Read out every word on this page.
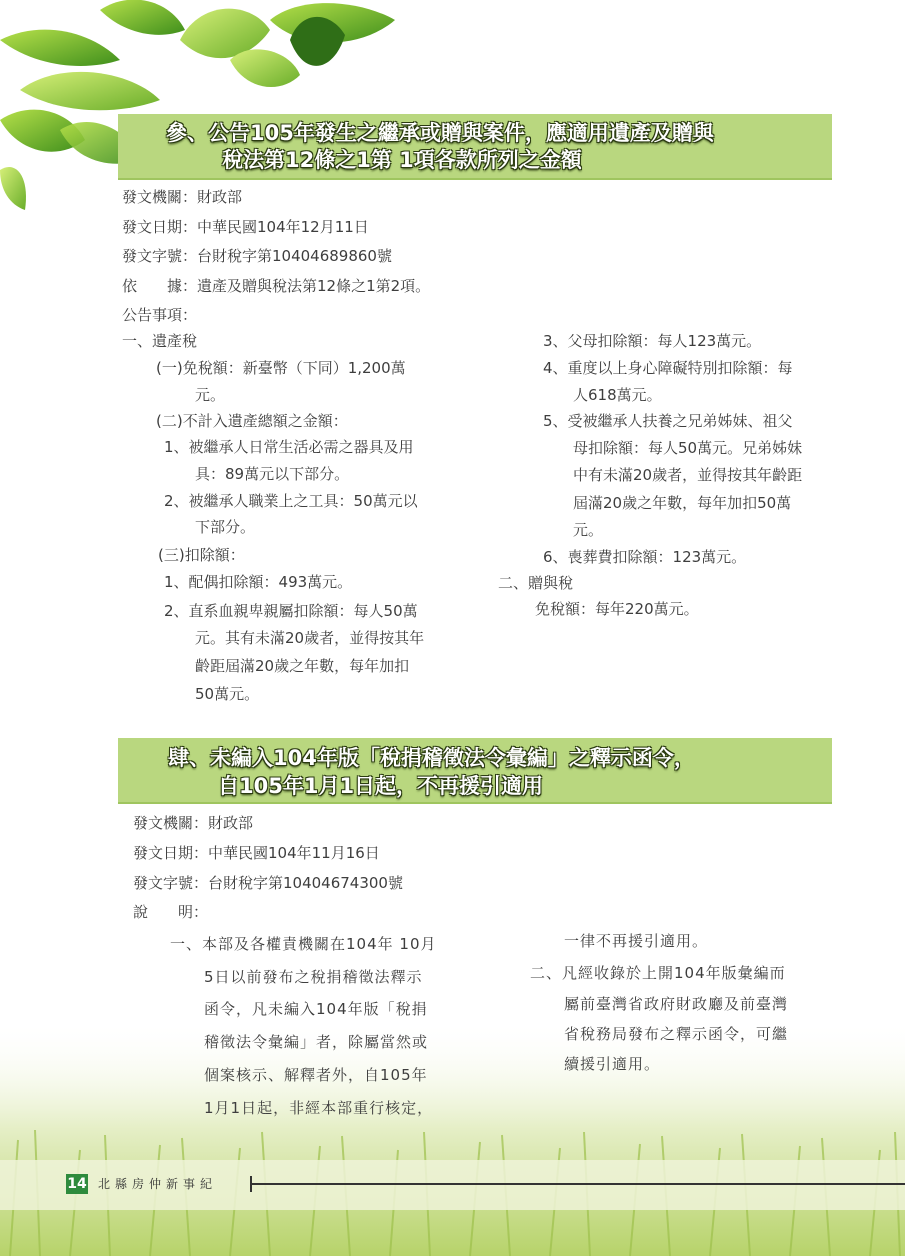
參、公告105年發生之繼承或贈與案件，應適用遺產及贈與
稅法第12條之1第 1項各款所列之金額
發文機關：財政部
發文日期：中華民國104年12月11日
發文字號：台財稅字第10404689860號
依　　據：遺產及贈與稅法第12條之1第2項。
公告事項：
一、遺產稅
(一)免稅額：新臺幣（下同）1,200萬
元。
(二)不計入遺產總額之金額：
1、被繼承人日常生活必需之器具及用
具：89萬元以下部分。
2、被繼承人職業上之工具：50萬元以
下部分。
(三)扣除額：
1、配偶扣除額：493萬元。
2、直系血親卑親屬扣除額：每人50萬
元。其有未滿20歲者，並得按其年
齡距屆滿20歲之年數，每年加扣
50萬元。
3、父母扣除額：每人123萬元。
4、重度以上身心障礙特別扣除額：每
人618萬元。
5、受被繼承人扶養之兄弟姊妹、祖父
母扣除額：每人50萬元。兄弟姊妹
中有未滿20歲者，並得按其年齡距
屆滿20歲之年數，每年加扣50萬
元。
6、喪葬費扣除額：123萬元。
二、贈與稅
免稅額：每年220萬元。
肆、未編入104年版「稅捐稽徵法令彙編」之釋示函令，
自105年1月1日起，不再援引適用
發文機關：財政部
發文日期：中華民國104年11月16日
發文字號：台財稅字第10404674300號
說　　明：
一、本部及各權責機關在104年 10月
5日以前發布之稅捐稽徵法釋示
函令，凡未編入104年版「稅捐
稽徵法令彙編」者，除屬當然或
個案核示、解釋者外，自105年
1月1日起，非經本部重行核定，
一律不再援引適用。
二、凡經收錄於上開104年版彙編而
屬前臺灣省政府財政廳及前臺灣
省稅務局發布之釋示函令，可繼
續援引適用。
14 北縣房仲新事紀
